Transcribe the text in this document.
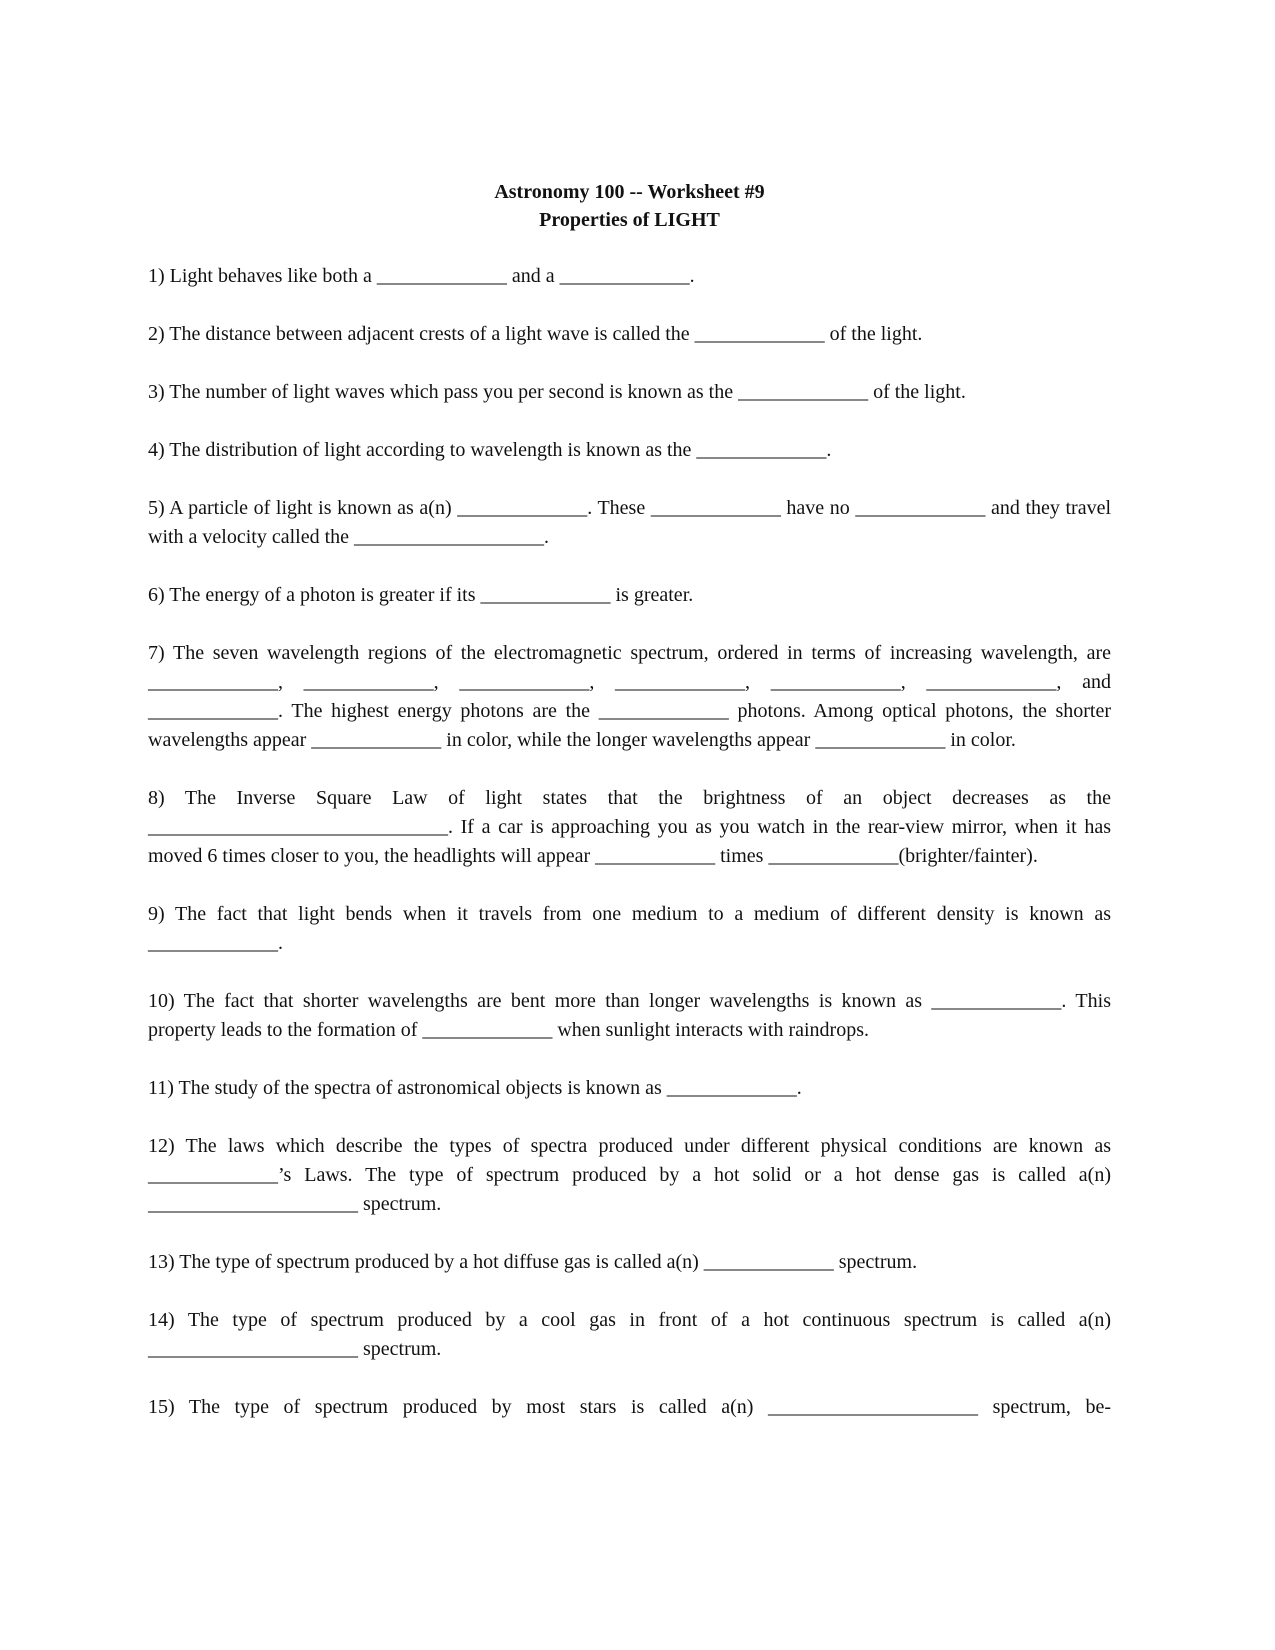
Astronomy 100 -- Worksheet #9

Properties of LIGHT

1) Light behaves like both a _____________ and a _____________.

2) The distance between adjacent crests of a light wave is called the _____________ of the light.

3) The number of light waves which pass you per second is known as the _____________ of the light.

4) The distribution of light according to wavelength is known as the _____________.

5) A particle of light is known as a(n) _____________. These _____________ have no _____________ and they travel with a velocity called the ___________________.

6) The energy of a photon is greater if its _____________ is greater.

7) The seven wavelength regions of the electromagnetic spectrum, ordered in terms of increasing wavelength, are _____________, _____________, _____________, _____________, _____________, _____________, and _____________. The highest energy photons are the _____________ photons. Among optical photons, the shorter wavelengths appear _____________ in color, while the longer wavelengths appear _____________ in color.

8) The Inverse Square Law of light states that the brightness of an object decreases as the ______________________________. If a car is approaching you as you watch in the rear-view mirror, when it has moved 6 times closer to you, the headlights will appear ____________ times _____________(brighter/fainter).

9) The fact that light bends when it travels from one medium to a medium of different density is known as _____________.

10) The fact that shorter wavelengths are bent more than longer wavelengths is known as _____________. This property leads to the formation of _____________ when sunlight interacts with raindrops.

11) The study of the spectra of astronomical objects is known as _____________.

12) The laws which describe the types of spectra produced under different physical conditions are known as _____________’s Laws. The type of spectrum produced by a hot solid or a hot dense gas is called a(n) _____________________ spectrum.

13) The type of spectrum produced by a hot diffuse gas is called a(n) _____________ spectrum.

14) The type of spectrum produced by a cool gas in front of a hot continuous spectrum is called a(n) _____________________ spectrum.

15) The type of spectrum produced by most stars is called a(n) _____________________ spectrum, be-
